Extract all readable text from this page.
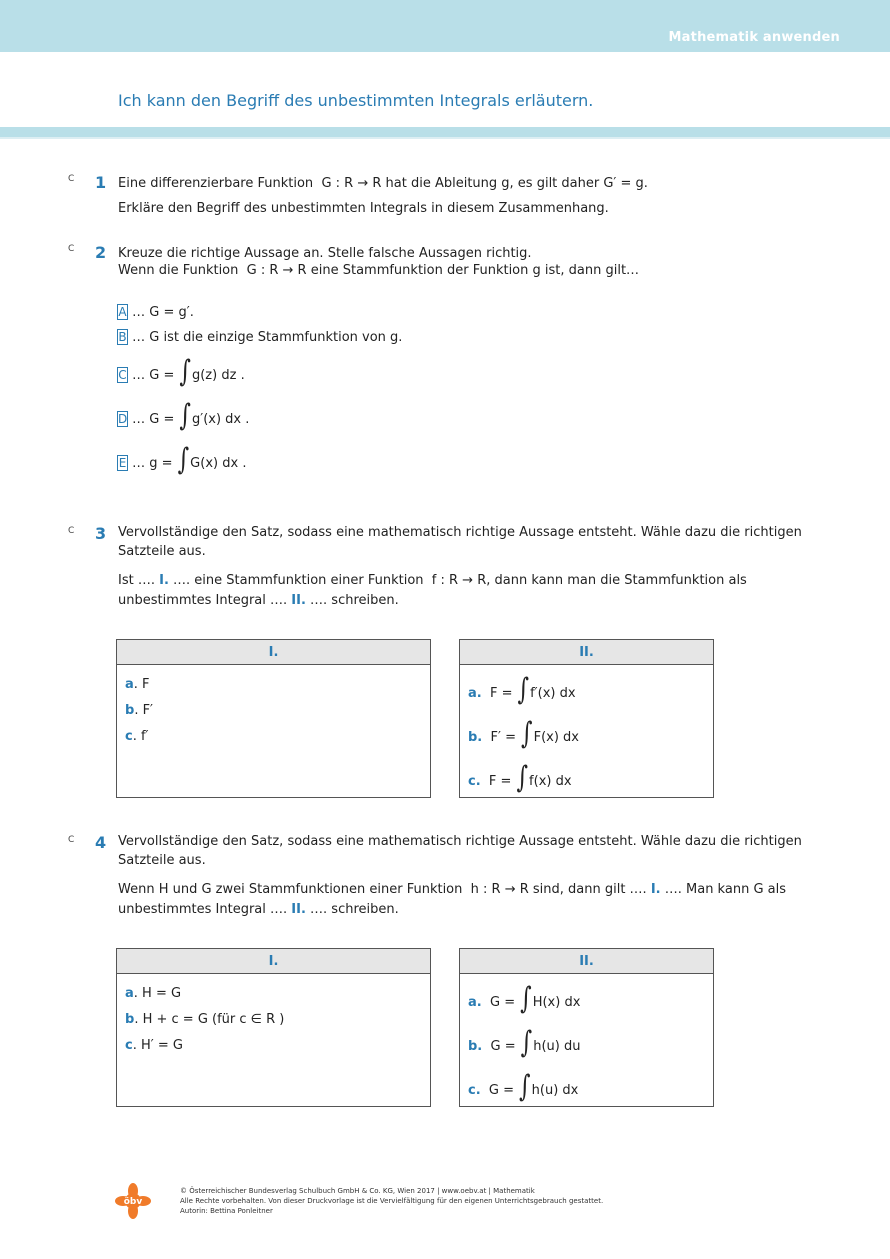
Mathematik anwenden
Ich kann den Begriff des unbestimmten Integrals erläutern.
C 1 Eine differenzierbare Funktion G : R → R hat die Ableitung g, es gilt daher G′ = g.
Erkläre den Begriff des unbestimmten Integrals in diesem Zusammenhang.
C 2 Kreuze die richtige Aussage an. Stelle falsche Aussagen richtig.
Wenn die Funktion G : R → R eine Stammfunktion der Funktion g ist, dann gilt…
A … G = g′.
B … G ist die einzige Stammfunktion von g.
C … G = ∫g(z) dz .
D … G = ∫g′(x) dx .
E … g = ∫G(x) dx .
C 3 Vervollständige den Satz, sodass eine mathematisch richtige Aussage entsteht. Wähle dazu die richtigen
Satzteile aus.
Ist …. I. …. eine Stammfunktion einer Funktion f : R → R, dann kann man die Stammfunktion als
unbestimmtes Integral …. II. …. schreiben.
I.
a. F
b. F′
c. f′
II.
a. F = ∫f′(x) dx
b. F′ = ∫F(x) dx
c. F = ∫f(x) dx
C 4 Vervollständige den Satz, sodass eine mathematisch richtige Aussage entsteht. Wähle dazu die richtigen
Satzteile aus.
Wenn H und G zwei Stammfunktionen einer Funktion h : R → R sind, dann gilt …. I. …. Man kann G als
unbestimmtes Integral …. II. …. schreiben.
I.
a. H = G
b. H + c = G (für c ∈ R )
c. H′ = G
II.
a. G = ∫H(x) dx
b. G = ∫h(u) du
c. G = ∫h(u) dx
öbv
© Österreichischer Bundesverlag Schulbuch GmbH & Co. KG, Wien 2017 | www.oebv.at | Mathematik
Alle Rechte vorbehalten. Von dieser Druckvorlage ist die Vervielfältigung für den eigenen Unterrichtsgebrauch gestattet.
Autorin: Bettina Ponleitner
